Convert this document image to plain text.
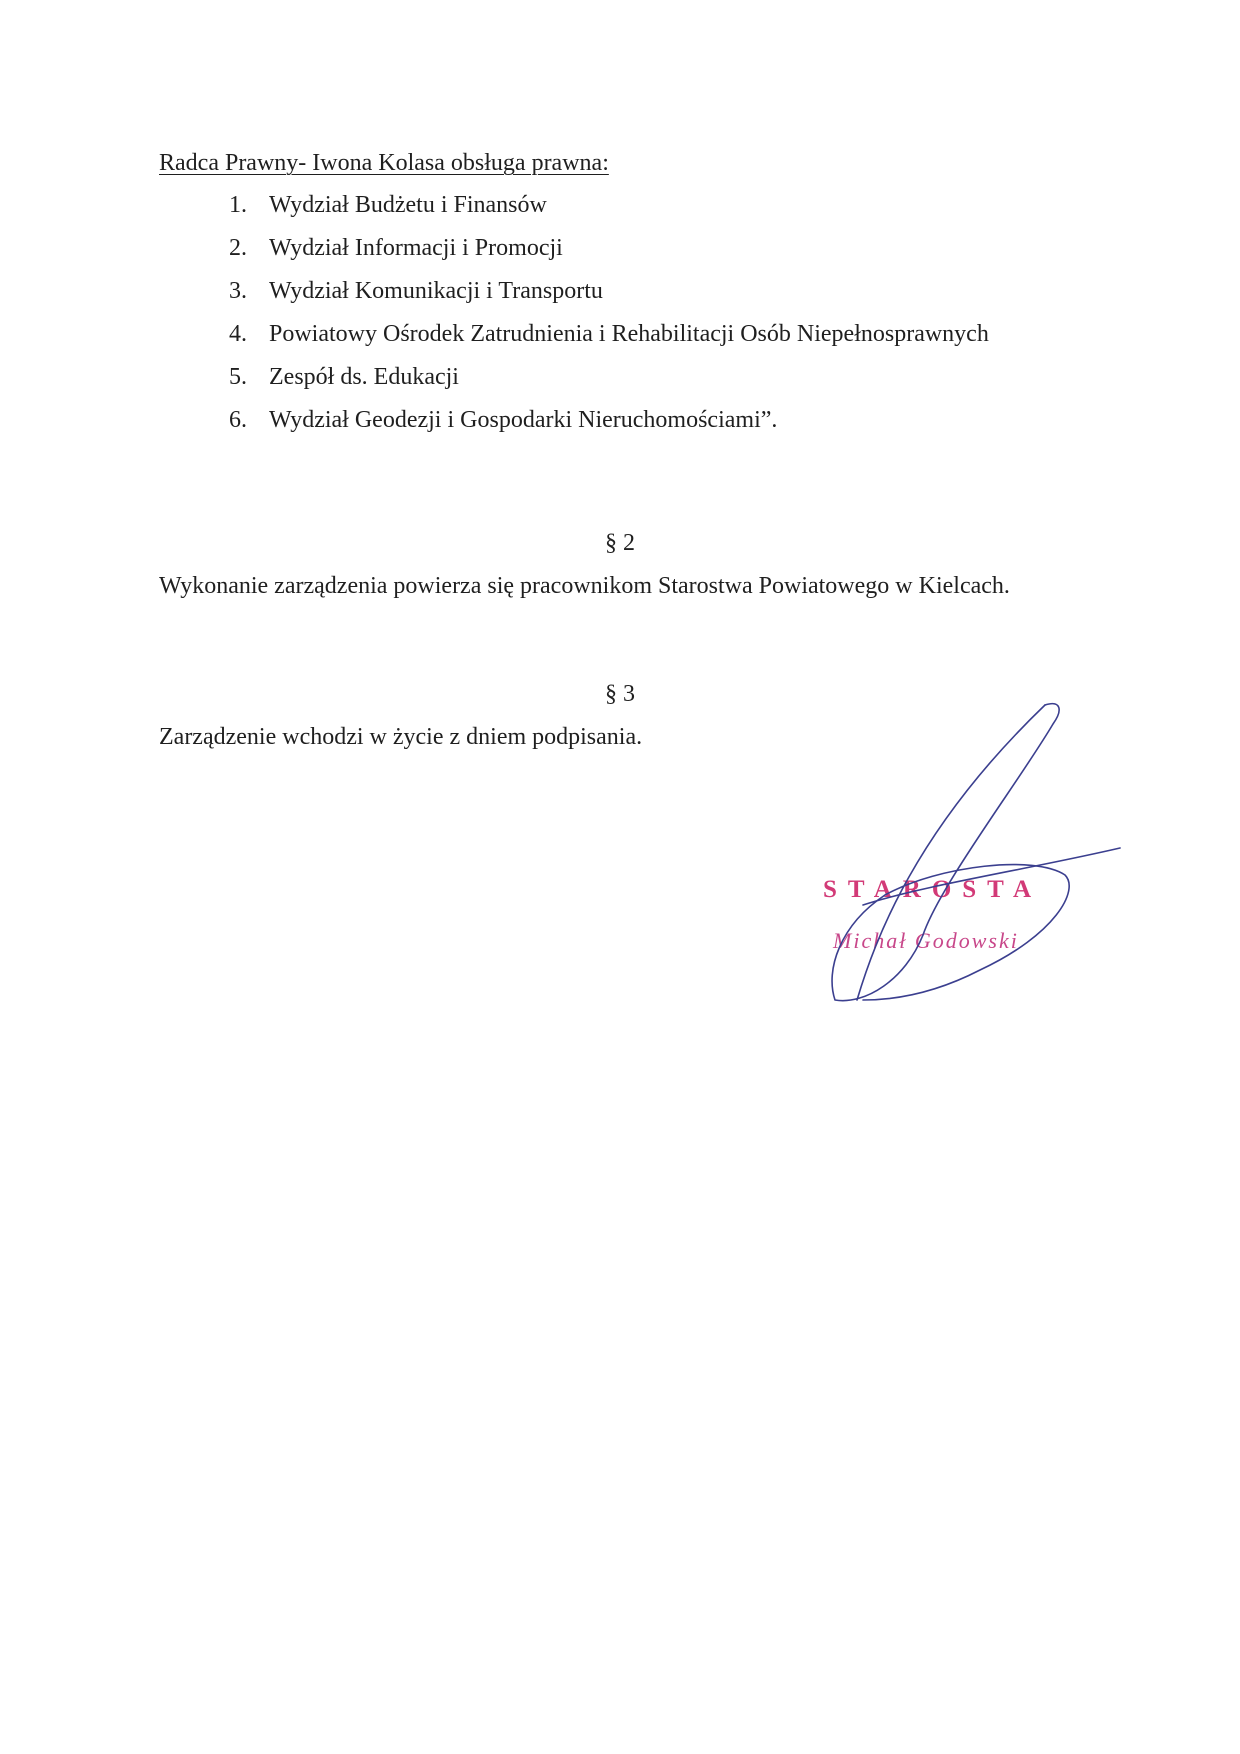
Radca Prawny- Iwona Kolasa obsługa prawna:
1. Wydział Budżetu i Finansów
2. Wydział Informacji i Promocji
3. Wydział Komunikacji i Transportu
4. Powiatowy Ośrodek Zatrudnienia i Rehabilitacji Osób Niepełnosprawnych
5. Zespół ds. Edukacji
6. Wydział Geodezji i Gospodarki Nieruchomościami”.
§ 2
Wykonanie zarządzenia powierza się pracownikom Starostwa Powiatowego w Kielcach.
§ 3
Zarządzenie wchodzi w życie z dniem podpisania.
STAROSTA
Michał Godowski
